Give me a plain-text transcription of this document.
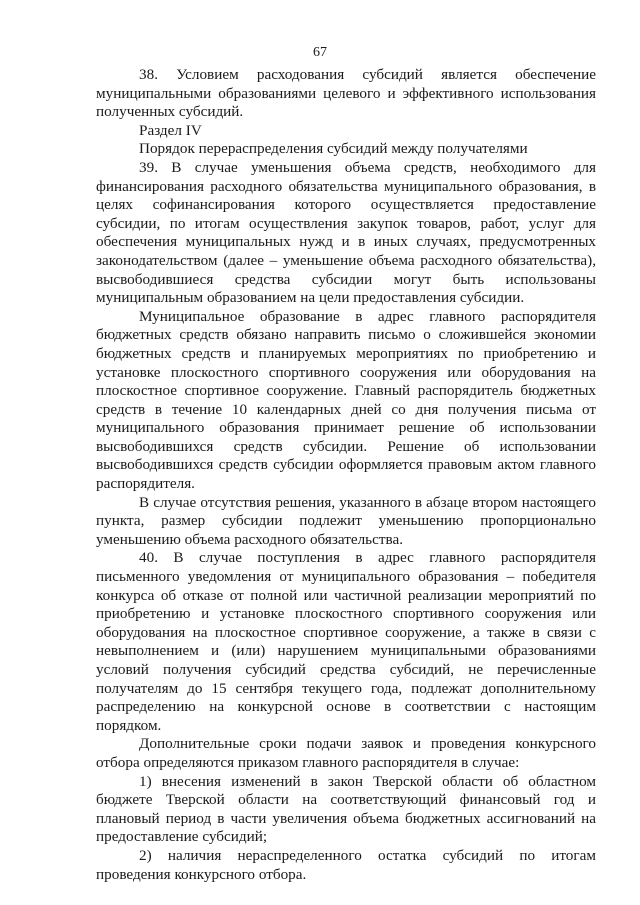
67

38. Условием расходования субсидий является обеспечение муниципальными образованиями целевого и эффективного использования полученных субсидий.

Раздел IV

Порядок перераспределения субсидий между получателями

39. В случае уменьшения объема средств, необходимого для финансирования расходного обязательства муниципального образования, в целях софинансирования которого осуществляется предоставление субсидии, по итогам осуществления закупок товаров, работ, услуг для обеспечения муниципальных нужд и в иных случаях, предусмотренных законодательством (далее – уменьшение объема расходного обязательства), высвободившиеся средства субсидии могут быть использованы муниципальным образованием на цели предоставления субсидии.

Муниципальное образование в адрес главного распорядителя бюджетных средств обязано направить письмо о сложившейся экономии бюджетных средств и планируемых мероприятиях по приобретению и установке плоскостного спортивного сооружения или оборудования на плоскостное спортивное сооружение. Главный распорядитель бюджетных средств в течение 10 календарных дней со дня получения письма от муниципального образования принимает решение об использовании высвободившихся средств субсидии. Решение об использовании высвободившихся средств субсидии оформляется правовым актом главного распорядителя.

В случае отсутствия решения, указанного в абзаце втором настоящего пункта, размер субсидии подлежит уменьшению пропорционально уменьшению объема расходного обязательства.

40. В случае поступления в адрес главного распорядителя письменного уведомления от муниципального образования – победителя конкурса об отказе от полной или частичной реализации мероприятий по приобретению и установке плоскостного спортивного сооружения или оборудования на плоскостное спортивное сооружение, а также в связи с невыполнением и (или) нарушением муниципальными образованиями условий получения субсидий средства субсидий, не перечисленные получателям до 15 сентября текущего года, подлежат дополнительному распределению на конкурсной основе в соответствии с настоящим порядком.

Дополнительные сроки подачи заявок и проведения конкурсного отбора определяются приказом главного распорядителя в случае:

1) внесения изменений в закон Тверской области об областном бюджете Тверской области на соответствующий финансовый год и плановый период в части увеличения объема бюджетных ассигнований на предоставление субсидий;

2) наличия нераспределенного остатка субсидий по итогам проведения конкурсного отбора.
